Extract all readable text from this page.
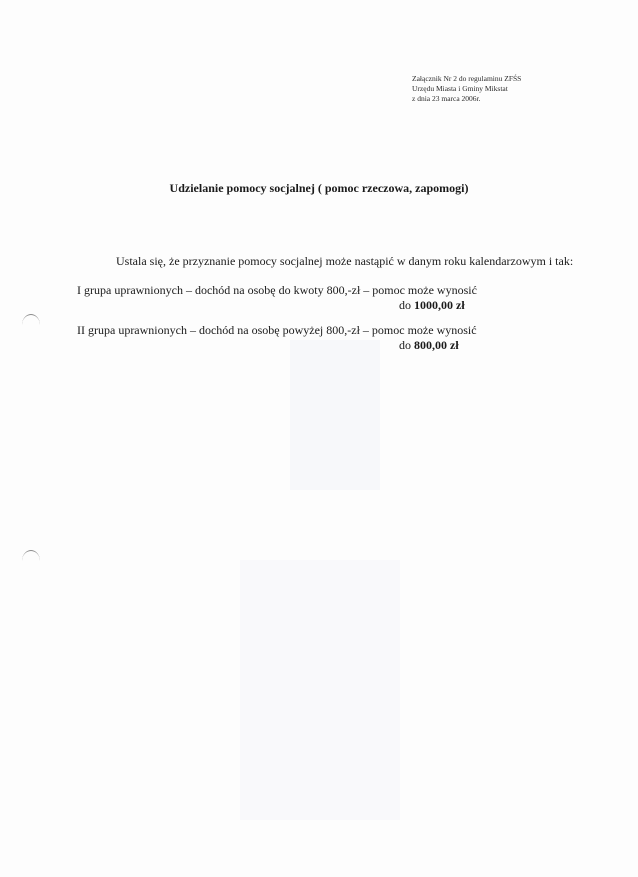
Załącznik Nr 2 do regulaminu ZFŚS
Urzędu Miasta i Gminy Mikstat
z dnia 23 marca 2006r.
Udzielanie pomocy socjalnej ( pomoc rzeczowa, zapomogi)
Ustala się, że przyznanie pomocy socjalnej może nastąpić w danym roku kalendarzowym i tak:
I grupa uprawnionych – dochód na osobę do kwoty 800,-zł – pomoc może wynosić
do 1000,00 zł
II grupa uprawnionych – dochód na osobę powyżej 800,-zł – pomoc może wynosić
do 800,00 zł
